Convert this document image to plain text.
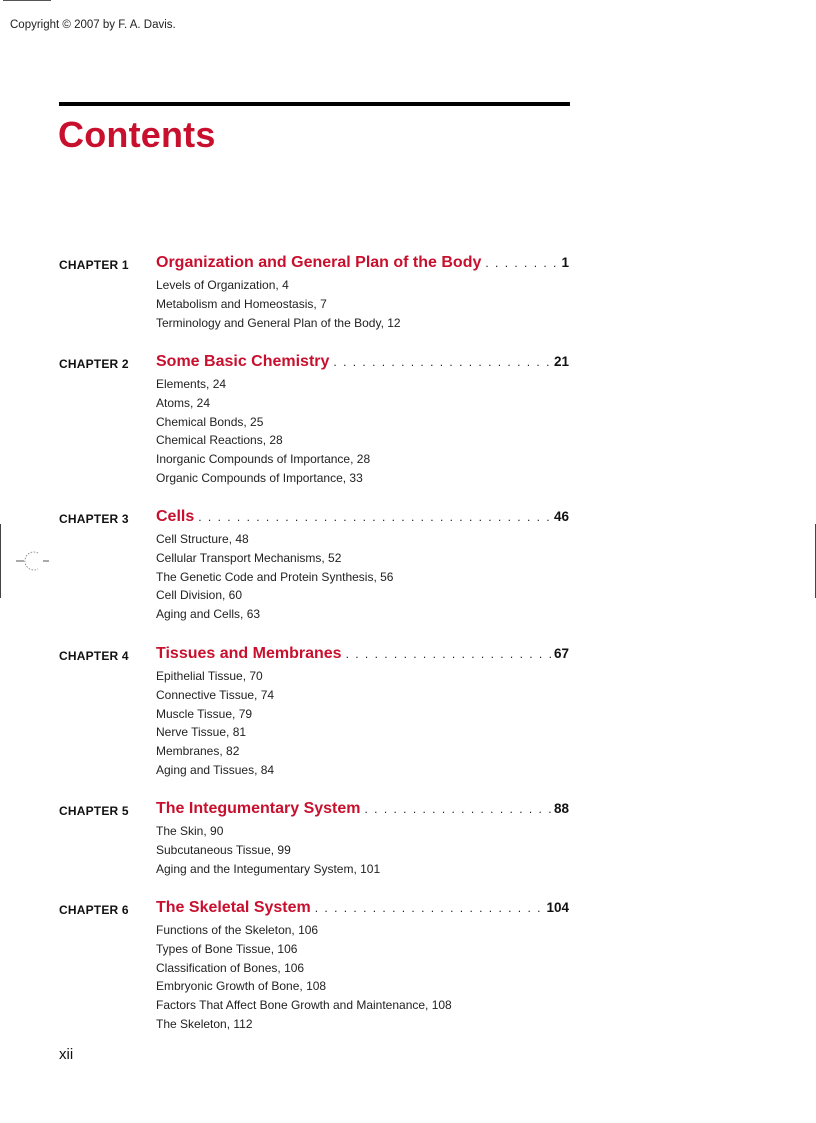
Copyright © 2007 by F. A. Davis.
Contents
CHAPTER 1 Organization and General Plan of the Body . . .	1
Levels of Organization, 4
Metabolism and Homeostasis, 7
Terminology and General Plan of the Body, 12
CHAPTER 2 Some Basic Chemistry . . .	21
Elements, 24
Atoms, 24
Chemical Bonds, 25
Chemical Reactions, 28
Inorganic Compounds of Importance, 28
Organic Compounds of Importance, 33
CHAPTER 3 Cells . . .	46
Cell Structure, 48
Cellular Transport Mechanisms, 52
The Genetic Code and Protein Synthesis, 56
Cell Division, 60
Aging and Cells, 63
CHAPTER 4 Tissues and Membranes . . .	67
Epithelial Tissue, 70
Connective Tissue, 74
Muscle Tissue, 79
Nerve Tissue, 81
Membranes, 82
Aging and Tissues, 84
CHAPTER 5 The Integumentary System . . .	88
The Skin, 90
Subcutaneous Tissue, 99
Aging and the Integumentary System, 101
CHAPTER 6 The Skeletal System . . .	104
Functions of the Skeleton, 106
Types of Bone Tissue, 106
Classification of Bones, 106
Embryonic Growth of Bone, 108
Factors That Affect Bone Growth and Maintenance, 108
The Skeleton, 112
xii
